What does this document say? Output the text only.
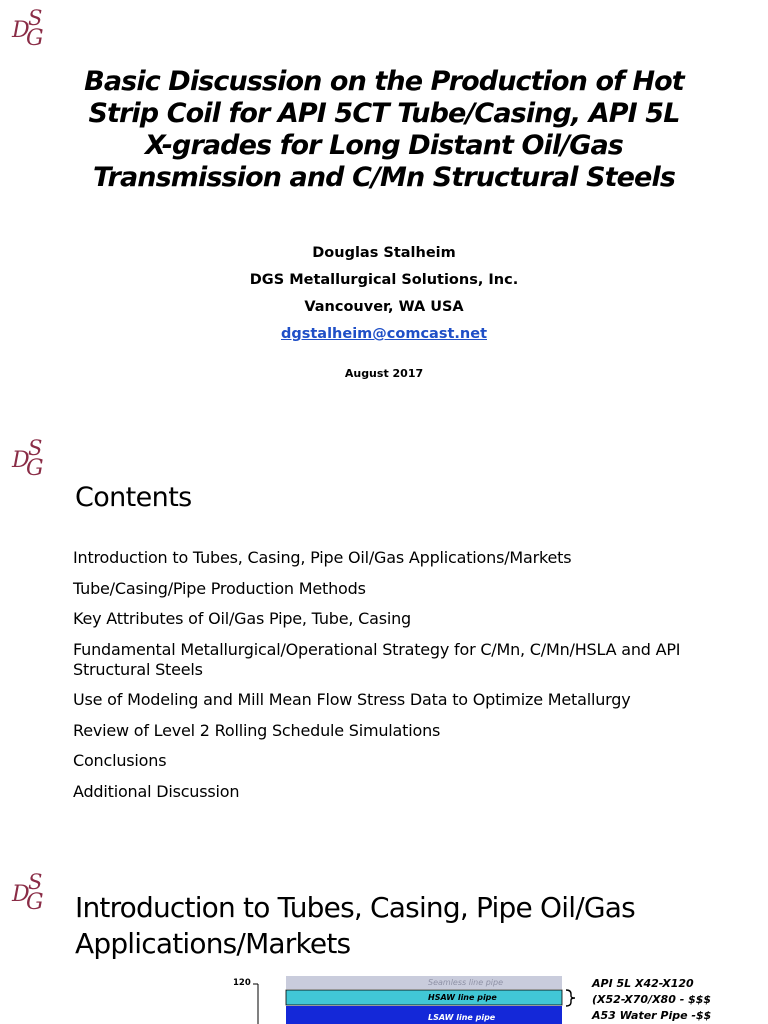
D
S
G
Basic Discussion on the Production of Hot
Strip Coil for API 5CT Tube/Casing, API 5L
X-grades for Long Distant Oil/Gas
Transmission and C/Mn Structural Steels
Douglas Stalheim
DGS Metallurgical Solutions, Inc.
Vancouver, WA USA
dgstalheim@comcast.net
August 2017
D
S
G
Contents
Introduction to Tubes, Casing, Pipe Oil/Gas Applications/Markets
Tube/Casing/Pipe Production Methods
Key Attributes of Oil/Gas Pipe, Tube, Casing
Fundamental Metallurgical/Operational Strategy for C/Mn, C/Mn/HSLA and API Structural Steels
Use of Modeling and Mill Mean Flow Stress Data to Optimize Metallurgy
Review of Level 2 Rolling Schedule Simulations
Conclusions
Additional Discussion
D
S
G Introduction to Tubes, Casing, Pipe Oil/Gas
Applications/Markets
120	Seamless line pipe
HSAW line pipe
LSAW line pipe
API 5L X42-X120
(X52-X70/X80 - $$$
A53 Water Pipe -$$
